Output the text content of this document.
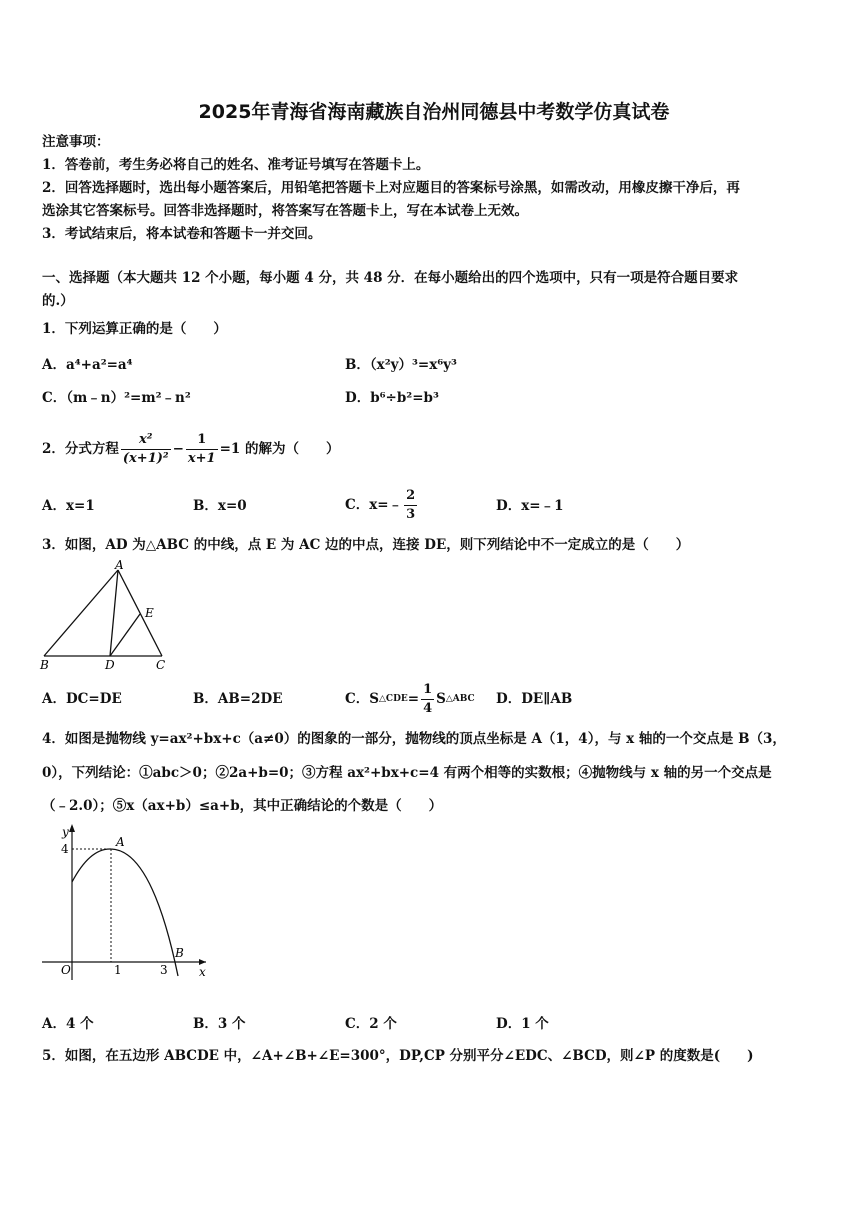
2025年青海省海南藏族自治州同德县中考数学仿真试卷
注意事项：
1．答卷前，考生务必将自己的姓名、准考证号填写在答题卡上。
2．回答选择题时，选出每小题答案后，用铅笔把答题卡上对应题目的答案标号涂黑，如需改动，用橡皮擦干净后，再
选涂其它答案标号。回答非选择题时，将答案写在答题卡上，写在本试卷上无效。
3．考试结束后，将本试卷和答题卡一并交回。
一、选择题（本大题共 12 个小题，每小题 4 分，共 48 分．在每小题给出的四个选项中，只有一项是符合题目要求
的.）
1．下列运算正确的是（　　）
A．a⁴+a²=a⁴	B．（x²y）³=x⁶y³
C．（m﹣n）²=m²﹣n²	D．b⁶÷b²=b³
2．分式方程 $\frac{\text{x²}}{\text{(x+1)²}} - \frac{1}{x+1} =1$ 的解为（　　）
A．x=1	B．x=0	C．x=﹣ $\frac{2}{3}$	D．x=﹣1
3．如图，AD 为△ABC 的中线，点 E 为 AC 边的中点，连接 DE，则下列结论中不一定成立的是（　　）
A
B	C
D
E
A．DC=DE	B．AB=2DE	C．S △CDE = $\frac{1}{4}$ S △ABC D．DE∥AB
4．如图是抛物线 y=ax²+bx+c（a≠0）的图象的一部分，抛物线的顶点坐标是 A（1，4），与 x 轴的一个交点是 B（3，
0），下列结论：①abc＞0；②2a+b=0；③方程 ax²+bx+c=4 有两个相等的实数根；④抛物线与 x 轴的另一个交点是
（﹣2.0）；⑤x（ax+b）≤a+b，其中正确结论的个数是（　　）
y
x
O
A
B
4
1	3
A．4 个	B．3 个	C．2 个	D．1 个
5．如图，在五边形 ABCDE 中，∠A+∠B+∠E=300°，DP,CP 分别平分∠EDC、∠BCD，则∠P 的度数是(　　)
